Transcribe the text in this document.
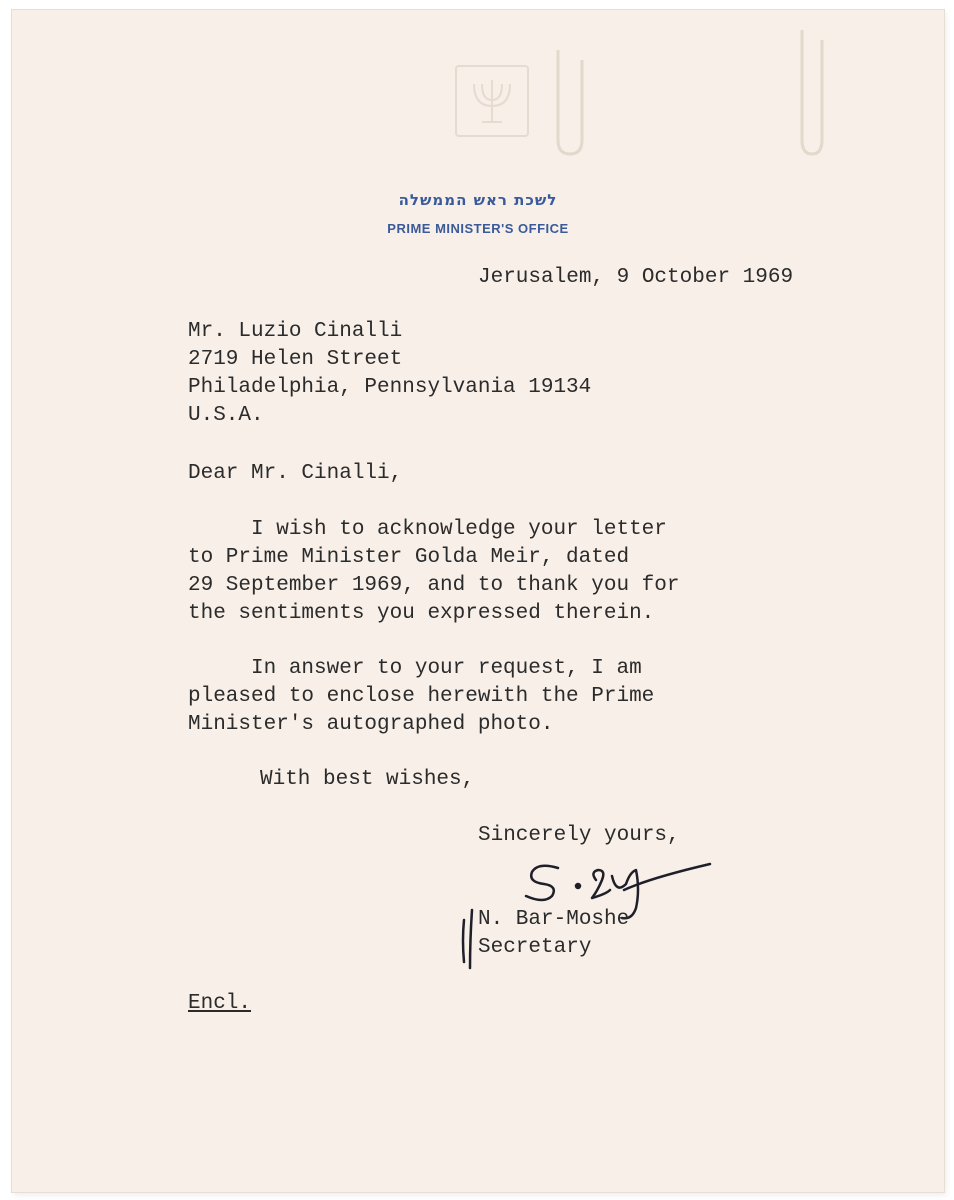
לשכת ראש הממשלה
PRIME MINISTER'S OFFICE
Jerusalem, 9 October 1969
Mr. Luzio Cinalli
2719 Helen Street
Philadelphia, Pennsylvania 19134
U.S.A.
Dear Mr. Cinalli,
I wish to acknowledge your letter
to Prime Minister Golda Meir, dated
29 September 1969, and to thank you for
the sentiments you expressed therein.
In answer to your request, I am
pleased to enclose herewith the Prime
Minister's autographed photo.
With best wishes,
Sincerely yours,
N. Bar-Moshe
Secretary
Encl.
